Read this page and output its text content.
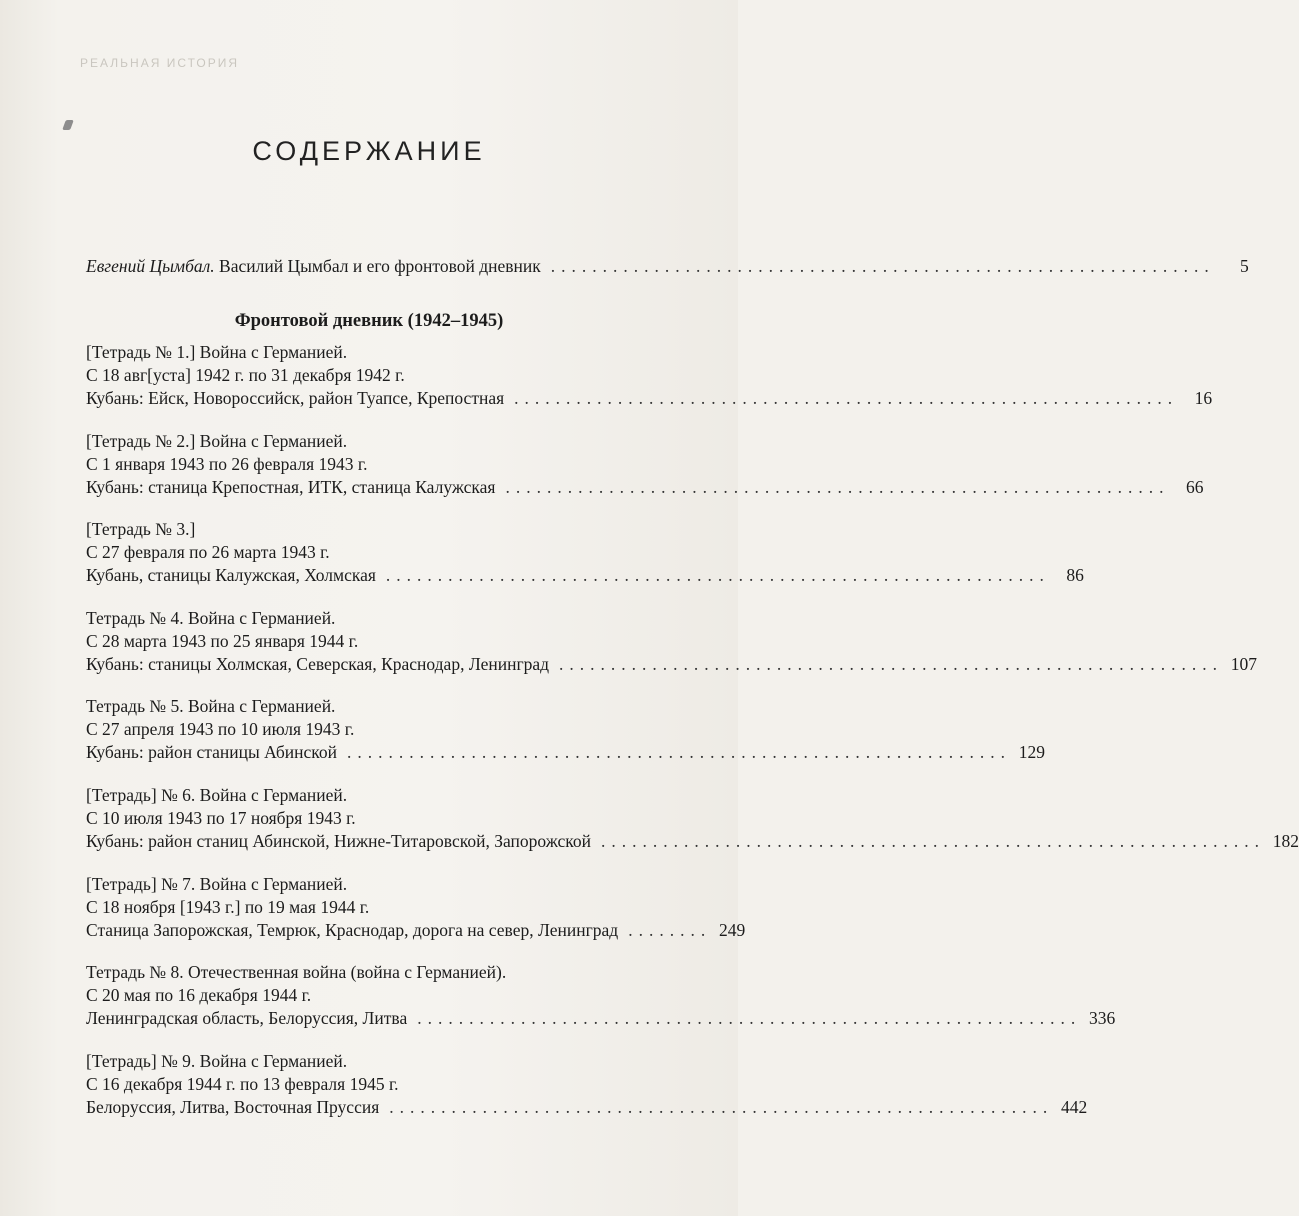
РЕАЛЬНАЯ ИСТОРИЯ
СОДЕРЖАНИЕ
Евгений Цымбал. Василий Цымбал и его фронтовой дневник ................................................................	5
Фронтовой дневник (1942–1945)
[Тетрадь № 1.] Война с Германией.
С 18 авг[уста] 1942 г. по 31 декабря 1942 г.
Кубань: Ейск, Новороссийск, район Туапсе, Крепостная ................................................................ 16
[Тетрадь № 2.] Война с Германией.
С 1 января 1943 по 26 февраля 1943 г.
Кубань: станица Крепостная, ИТК, станица Калужская ................................................................ 66
[Тетрадь № 3.]
С 27 февраля по 26 марта 1943 г.
Кубань, станицы Калужская, Холмская ................................................................ 86
Тетрадь № 4. Война с Германией.
С 28 марта 1943 по 25 января 1944 г.
Кубань: станицы Холмская, Северская, Краснодар, Ленинград ................................................................ 107
Тетрадь № 5. Война с Германией.
С 27 апреля 1943 по 10 июля 1943 г.
Кубань: район станицы Абинской ................................................................ 129
[Тетрадь] № 6. Война с Германией.
С 10 июля 1943 по 17 ноября 1943 г.
Кубань: район станиц Абинской, Нижне-Титаровской, Запорожской ................................................................ 182
[Тетрадь] № 7. Война с Германией.
С 18 ноября [1943 г.] по 19 мая 1944 г.
Станица Запорожская, Темрюк, Краснодар, дорога на север, Ленинград ........ 249
Тетрадь № 8. Отечественная война (война с Германией).
С 20 мая по 16 декабря 1944 г.
Ленинградская область, Белоруссия, Литва ................................................................ 336
[Тетрадь] № 9. Война с Германией.
С 16 декабря 1944 г. по 13 февраля 1945 г.
Белоруссия, Литва, Восточная Пруссия ................................................................ 442
